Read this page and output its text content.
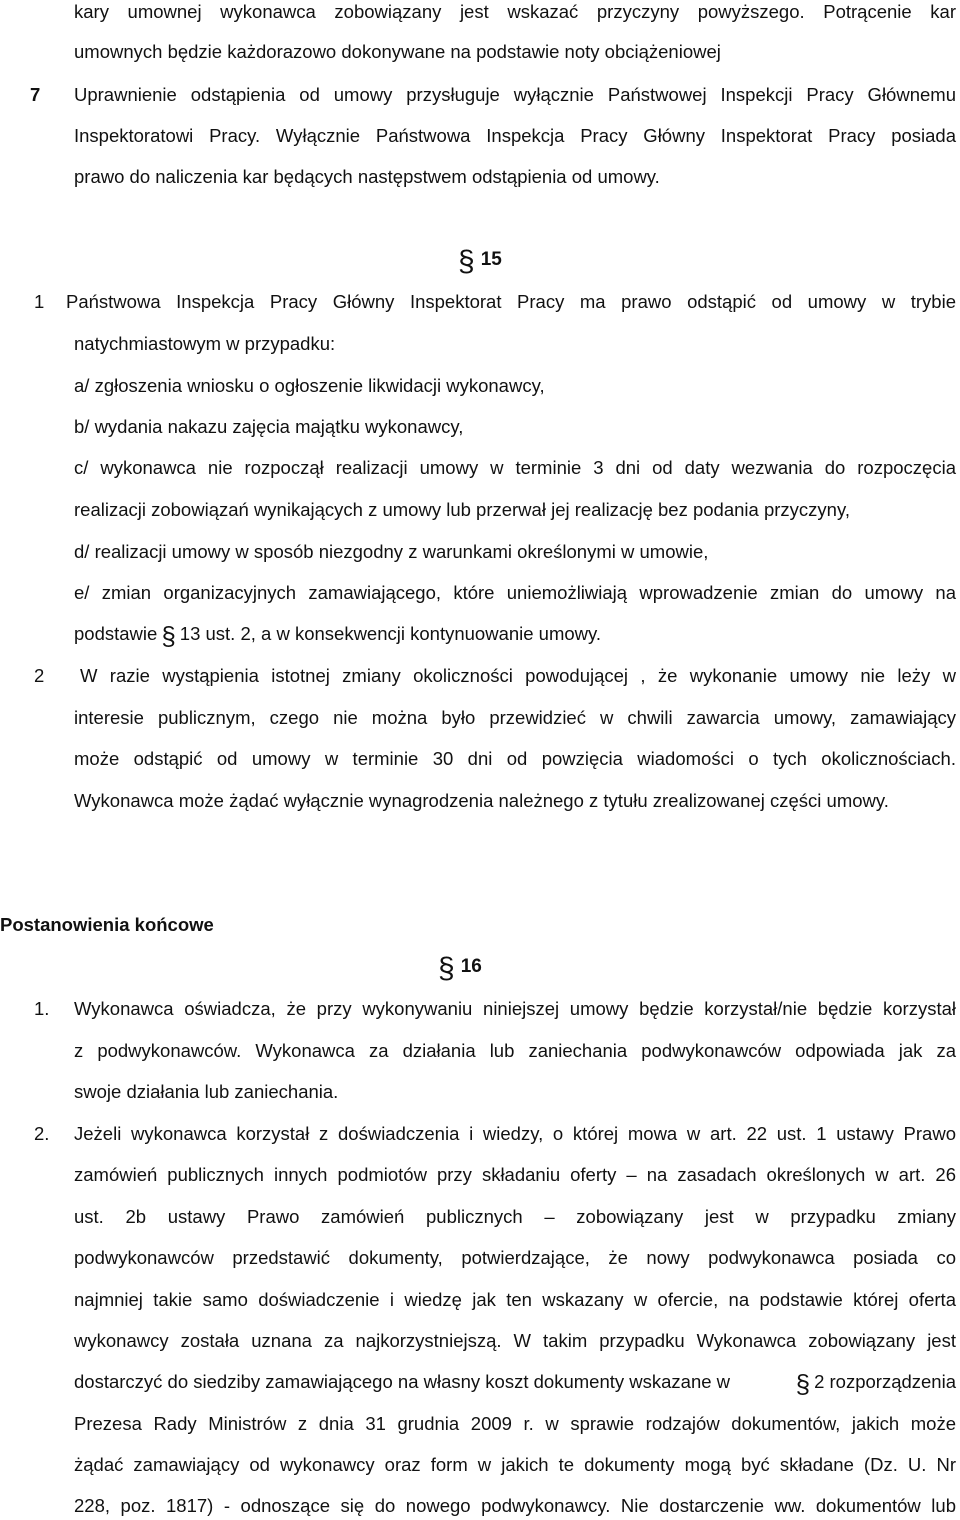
kary umownej wykonawca zobowiązany jest wskazać przyczyny powyższego. Potrącenie kar
umownych będzie każdorazowo dokonywane na podstawie noty obciążeniowej
7 Uprawnienie odstąpienia od umowy przysługuje wyłącznie Państwowej Inspekcji Pracy Głównemu
Inspektoratowi Pracy. Wyłącznie Państwowa Inspekcja Pracy Główny Inspektorat Pracy posiada
prawo do naliczenia kar będących następstwem odstąpienia od umowy.
§ 15
1 Państwowa Inspekcja Pracy Główny Inspektorat Pracy ma prawo odstąpić od umowy w trybie
natychmiastowym w przypadku:
a/ zgłoszenia wniosku o ogłoszenie likwidacji wykonawcy,
b/ wydania nakazu zajęcia majątku wykonawcy,
c/ wykonawca nie rozpoczął realizacji umowy w terminie 3 dni od daty wezwania do rozpoczęcia
realizacji zobowiązań wynikających z umowy lub przerwał jej realizację bez podania przyczyny,
d/ realizacji umowy w sposób niezgodny z warunkami określonymi w umowie,
e/ zmian organizacyjnych zamawiającego, które uniemożliwiają wprowadzenie zmian do umowy na
podstawie § 13 ust. 2, a w konsekwencji kontynuowanie umowy.
2 W razie wystąpienia istotnej zmiany okoliczności powodującej , że wykonanie umowy nie leży w
interesie publicznym, czego nie można było przewidzieć w chwili zawarcia umowy, zamawiający
może odstąpić od umowy w terminie 30 dni od powzięcia wiadomości o tych okolicznościach.
Wykonawca może żądać wyłącznie wynagrodzenia należnego z tytułu zrealizowanej części umowy.
Postanowienia końcowe
§ 16
1. Wykonawca oświadcza, że przy wykonywaniu niniejszej umowy będzie korzystał/nie będzie korzystał
z podwykonawców. Wykonawca za działania lub zaniechania podwykonawców odpowiada jak za
swoje działania lub zaniechania.
2. Jeżeli wykonawca korzystał z doświadczenia i wiedzy, o której mowa w art. 22 ust. 1 ustawy Prawo
zamówień publicznych innych podmiotów przy składaniu oferty – na zasadach określonych w art. 26
ust. 2b ustawy Prawo zamówień publicznych – zobowiązany jest w przypadku zmiany
podwykonawców przedstawić dokumenty, potwierdzające, że nowy podwykonawca posiada co
najmniej takie samo doświadczenie i wiedzę jak ten wskazany w ofercie, na podstawie której oferta
wykonawcy została uznana za najkorzystniejszą. W takim przypadku Wykonawca zobowiązany jest
dostarczyć do siedziby zamawiającego na własny koszt dokumenty wskazane w	§ 2 rozporządzenia
Prezesa Rady Ministrów z dnia 31 grudnia 2009 r. w sprawie rodzajów dokumentów, jakich może
żądać zamawiający od wykonawcy oraz form w jakich te dokumenty mogą być składane (Dz. U. Nr
228, poz. 1817) - odnoszące się do nowego podwykonawcy. Nie dostarczenie ww. dokumentów lub
